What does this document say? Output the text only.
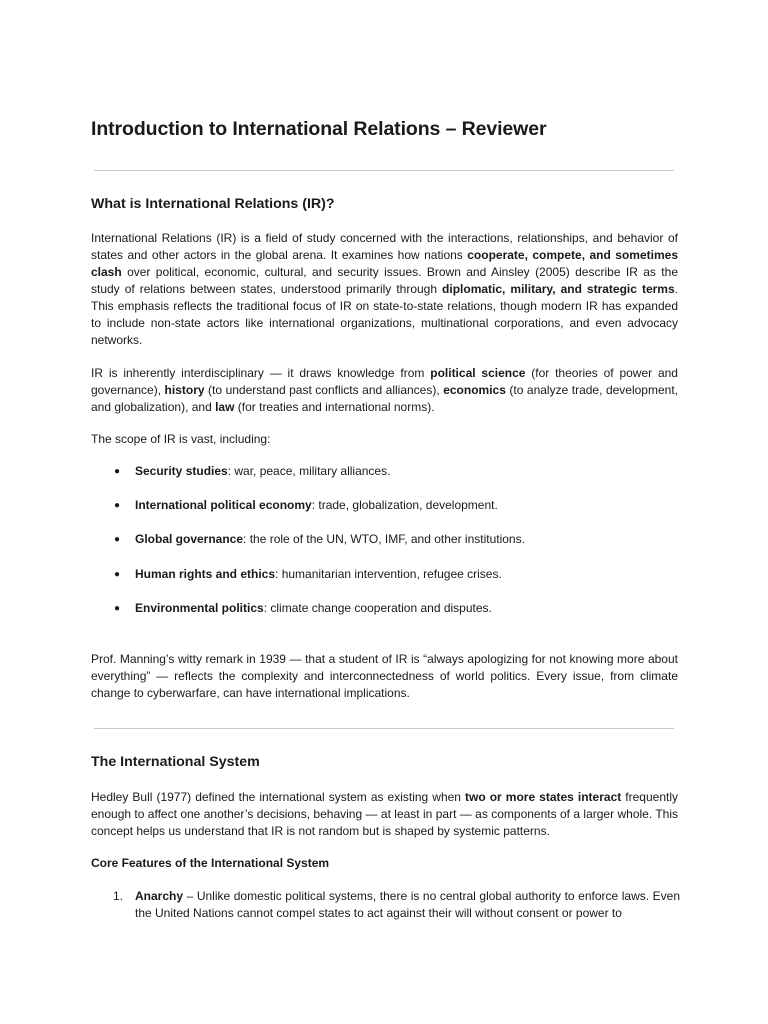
Introduction to International Relations – Reviewer
What is International Relations (IR)?

International Relations (IR) is a field of study concerned with the interactions, relationships, and behavior of states and other actors in the global arena. It examines how nations cooperate, compete, and sometimes clash over political, economic, cultural, and security issues. Brown and Ainsley (2005) describe IR as the study of relations between states, understood primarily through diplomatic, military, and strategic terms. This emphasis reflects the traditional focus of IR on state-to-state relations, though modern IR has expanded to include non-state actors like international organizations, multinational corporations, and even advocacy networks.

IR is inherently interdisciplinary — it draws knowledge from political science (for theories of power and governance), history (to understand past conflicts and alliances), economics (to analyze trade, development, and globalization), and law (for treaties and international norms).

The scope of IR is vast, including:

● Security studies: war, peace, military alliances.
● International political economy: trade, globalization, development.
● Global governance: the role of the UN, WTO, IMF, and other institutions.
● Human rights and ethics: humanitarian intervention, refugee crises.
● Environmental politics: climate change cooperation and disputes.

Prof. Manning’s witty remark in 1939 — that a student of IR is “always apologizing for not knowing more about everything” — reflects the complexity and interconnectedness of world politics. Every issue, from climate change to cyberwarfare, can have international implications.

The International System

Hedley Bull (1977) defined the international system as existing when two or more states interact frequently enough to affect one another’s decisions, behaving — at least in part — as components of a larger whole. This concept helps us understand that IR is not random but is shaped by systemic patterns.

Core Features of the International System
1. Anarchy – Unlike domestic political systems, there is no central global authority to enforce laws. Even the United Nations cannot compel states to act against their will without consent or power to
